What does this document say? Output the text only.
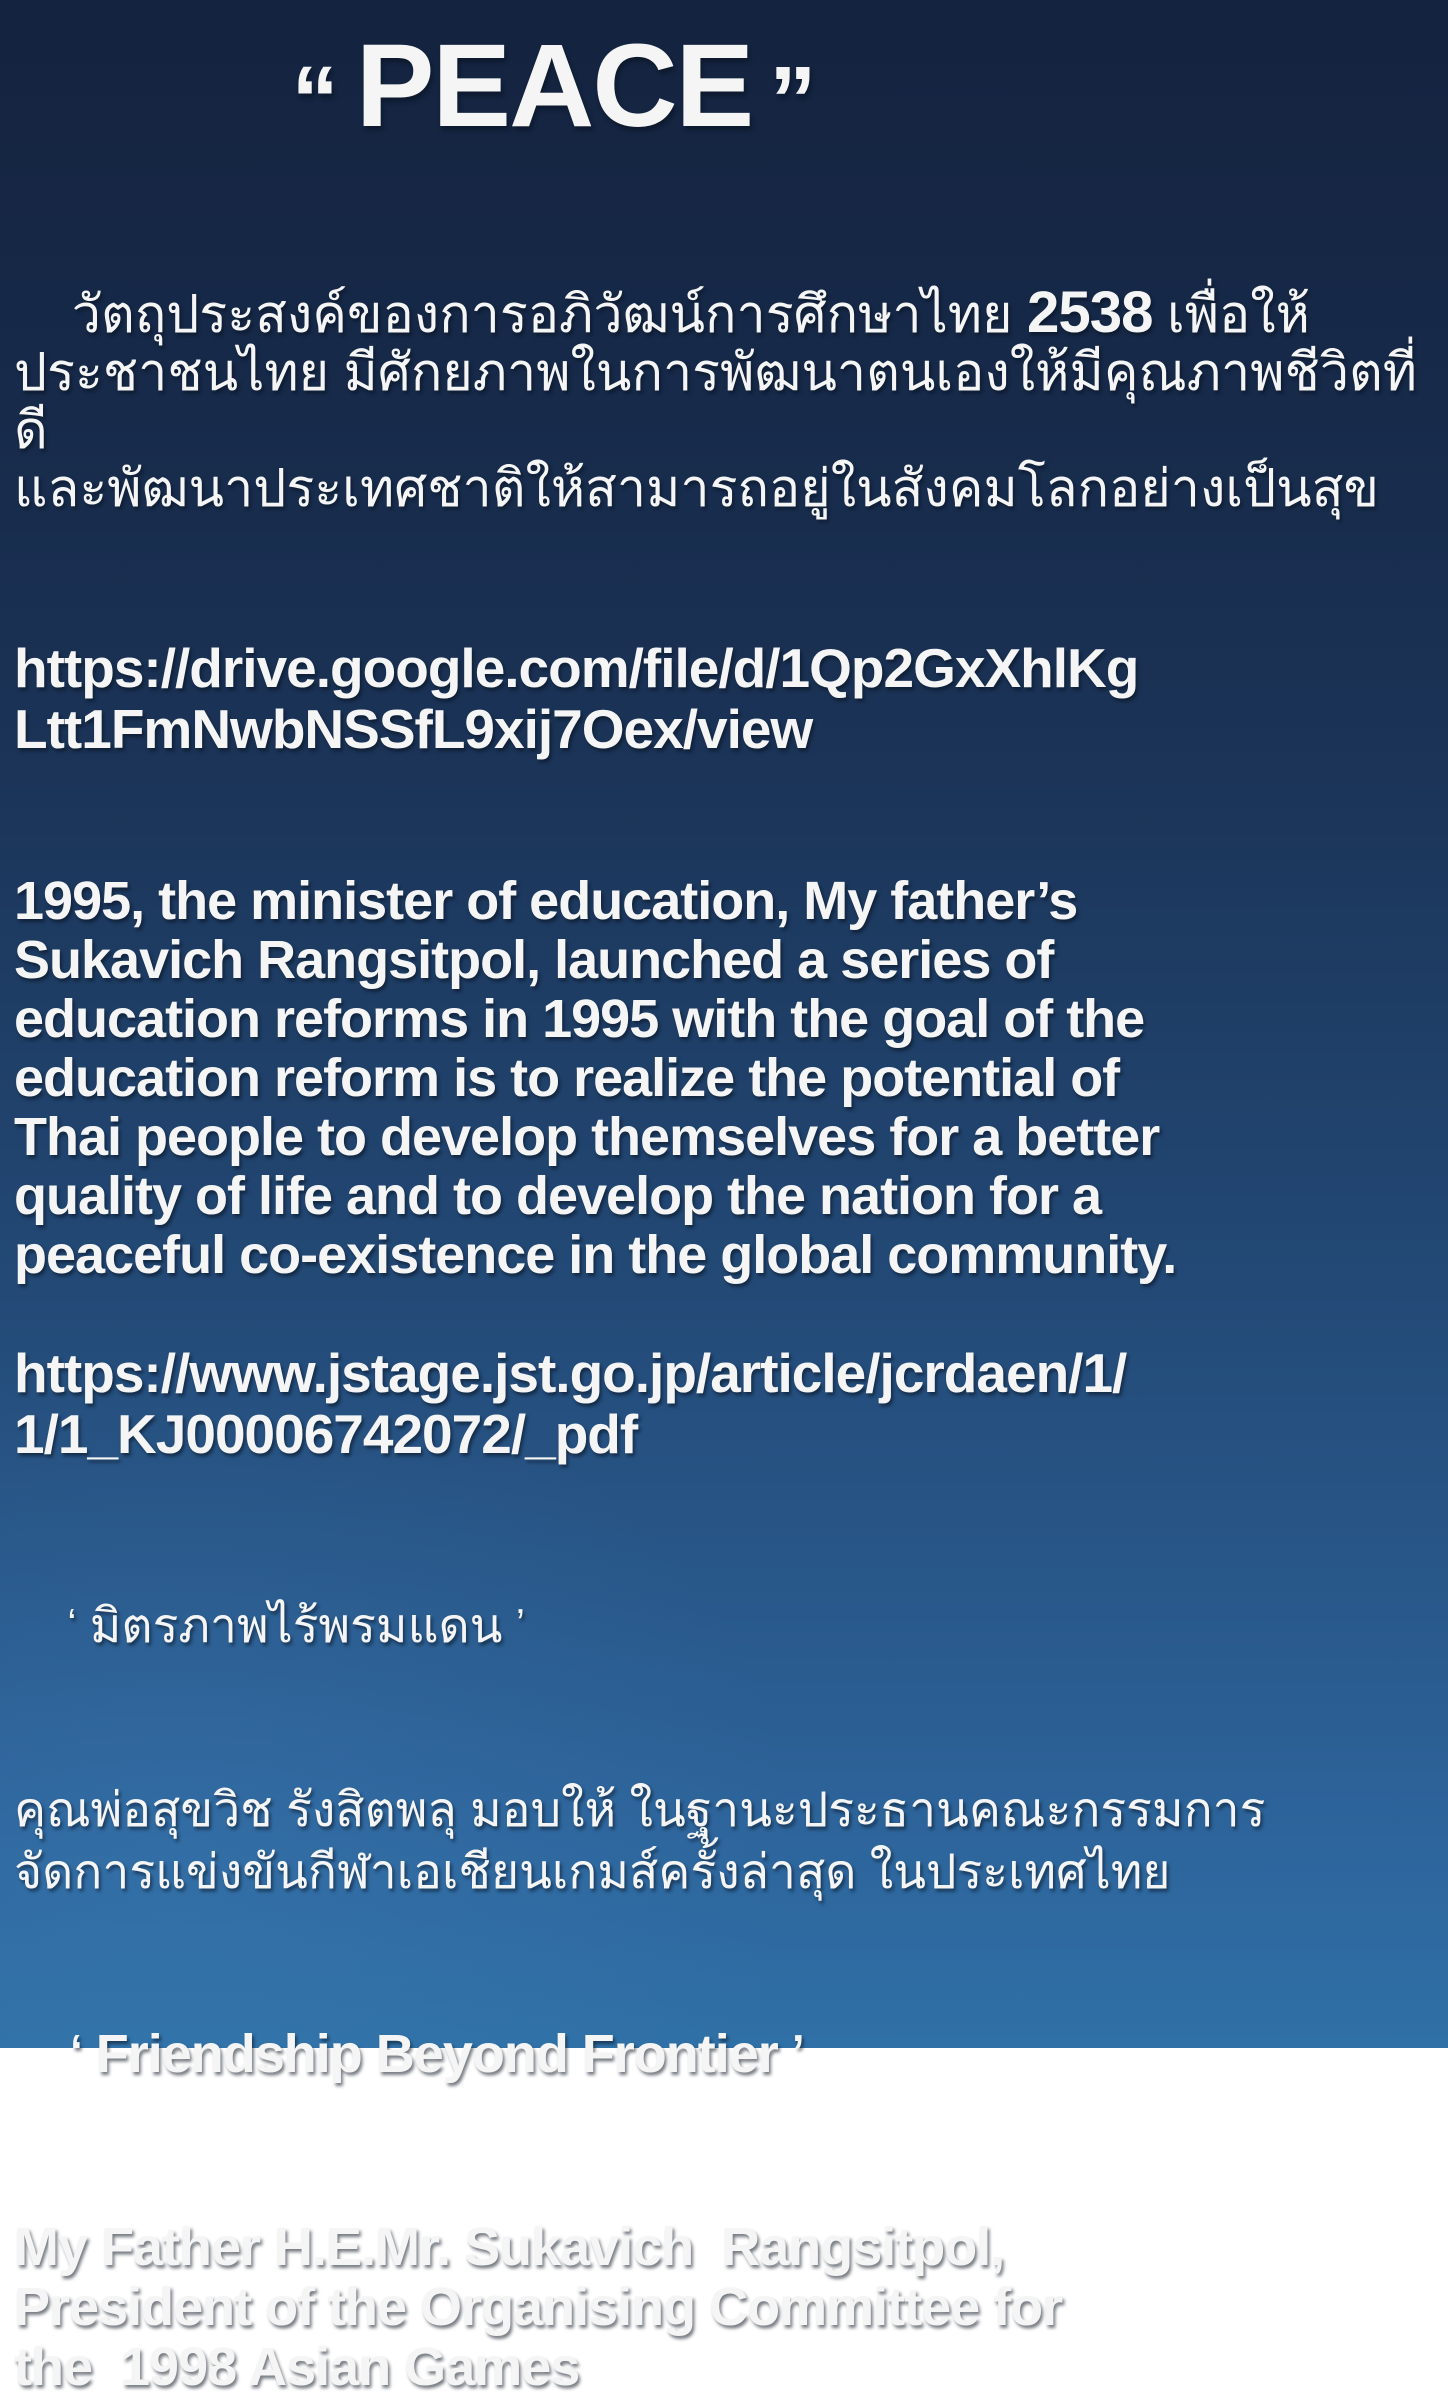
“ PEACE ”

วัตถุประสงค์ของการอภิวัฒน์การศึกษาไทย 2538 เพื่อให้
ประชาชนไทย มีศักยภาพในการพัฒนาตนเองให้มีคุณภาพชีวิตที่ดี
และพัฒนาประเทศชาติให้สามารถอยู่ในสังคมโลกอย่างเป็นสุข

https://drive.google.com/file/d/1Qp2GxXhlKg
Ltt1FmNwbNSSfL9xij7Oex/view
1995, the minister of education, My father’s
Sukavich Rangsitpol, launched a series of
education reforms in 1995 with the goal of the
education reform is to realize the potential of
Thai people to develop themselves for a better
quality of life and to develop the nation for a
peaceful co-existence in the global community.
https://www.jstage.jst.go.jp/article/jcrdaen/1/
1/1_KJ00006742072/_pdf

‘ มิตรภาพไร้พรมแดน ’

คุณพ่อสุขวิช รังสิตพลุ มอบให้ ในฐานะประธานคณะกรรมการ
จัดการแข่งขันกีฬาเอเชียนเกมส์ครั้งล่าสุด ในประเทศไทย

‘ Friendship Beyond Frontier ’

My Father H.E.Mr. Sukavich  Rangsitpol,
President of the Organising Committee for
the  1998 Asian Games
